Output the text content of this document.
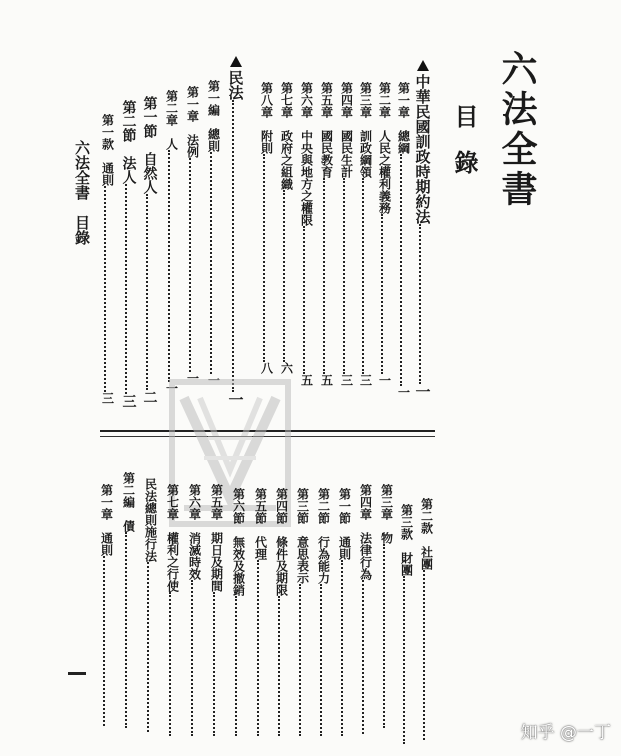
六法全書
目錄
中華民國訓政時期約法一
第一章　總綱一
第二章　人民之權利義務一
第三章　訓政綱領三
第四章　國民生計三
第五章　國民教育五
第六章　中央與地方之權限五
第七章　政府之組織六
第八章　附則八
民法一
第一編　總則一
第一章　法例一
第二章　人一
第一節　自然人二
第二節　法人三
第一款　通則三
六法全書　目錄
第二款　社團
第三款　財團
第三章　物
第四章　法律行為
第一節　通則
第二節　行為能力
第三節　意思表示
第四節　條件及期限
第五節　代理
第六節　無效及撤銷
第五章　期日及期間
第六章　消滅時效
第七章　權利之行使
民法總則施行法
第二編　債
第一章　通則
知乎 @一丁
